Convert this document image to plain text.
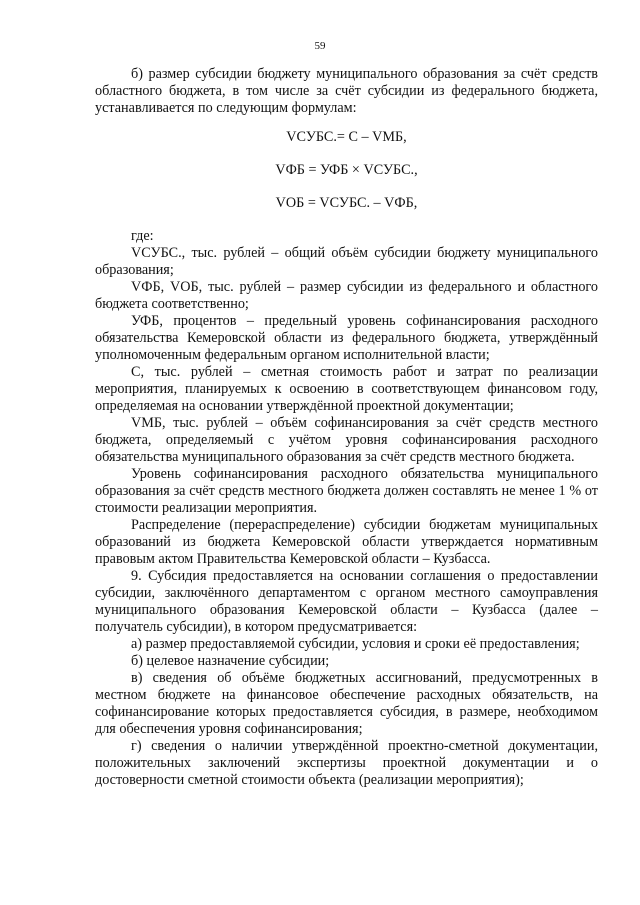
59

б) размер субсидии бюджету муниципального образования за счёт средств областного бюджета, в том числе за счёт субсидии из федерального бюджета, устанавливается по следующим формулам:

VСУБС.= С – VМБ,

VФБ = УФБ × VСУБС.,

VОБ = VСУБС. – VФБ,

где:

VСУБС., тыс. рублей – общий объём субсидии бюджету муниципального образования;

VФБ, VОБ, тыс. рублей – размер субсидии из федерального и областного бюджета соответственно;

УФБ, процентов – предельный уровень софинансирования расходного обязательства Кемеровской области из федерального бюджета, утверждённый уполномоченным федеральным органом исполнительной власти;

С, тыс. рублей – сметная стоимость работ и затрат по реализации мероприятия, планируемых к освоению в соответствующем финансовом году, определяемая на основании утверждённой проектной документации;

VМБ, тыс. рублей – объём софинансирования за счёт средств местного бюджета, определяемый с учётом уровня софинансирования расходного обязательства муниципального образования за счёт средств местного бюджета.

Уровень софинансирования расходного обязательства муниципального образования за счёт средств местного бюджета должен составлять не менее 1 % от стоимости реализации мероприятия.

Распределение (перераспределение) субсидии бюджетам муниципальных образований из бюджета Кемеровской области утверждается нормативным правовым актом Правительства Кемеровской области – Кузбасса.

9. Субсидия предоставляется на основании соглашения о предоставлении субсидии, заключённого департаментом с органом местного самоуправления муниципального образования Кемеровской области – Кузбасса (далее – получатель субсидии), в котором предусматривается:

а) размер предоставляемой субсидии, условия и сроки её предоставления;

б) целевое назначение субсидии;

в) сведения об объёме бюджетных ассигнований, предусмотренных в местном бюджете на финансовое обеспечение расходных обязательств, на софинансирование которых предоставляется субсидия, в размере, необходимом для обеспечения уровня софинансирования;

г) сведения о наличии утверждённой проектно-сметной документации, положительных заключений экспертизы проектной документации и о достоверности сметной стоимости объекта (реализации мероприятия);
